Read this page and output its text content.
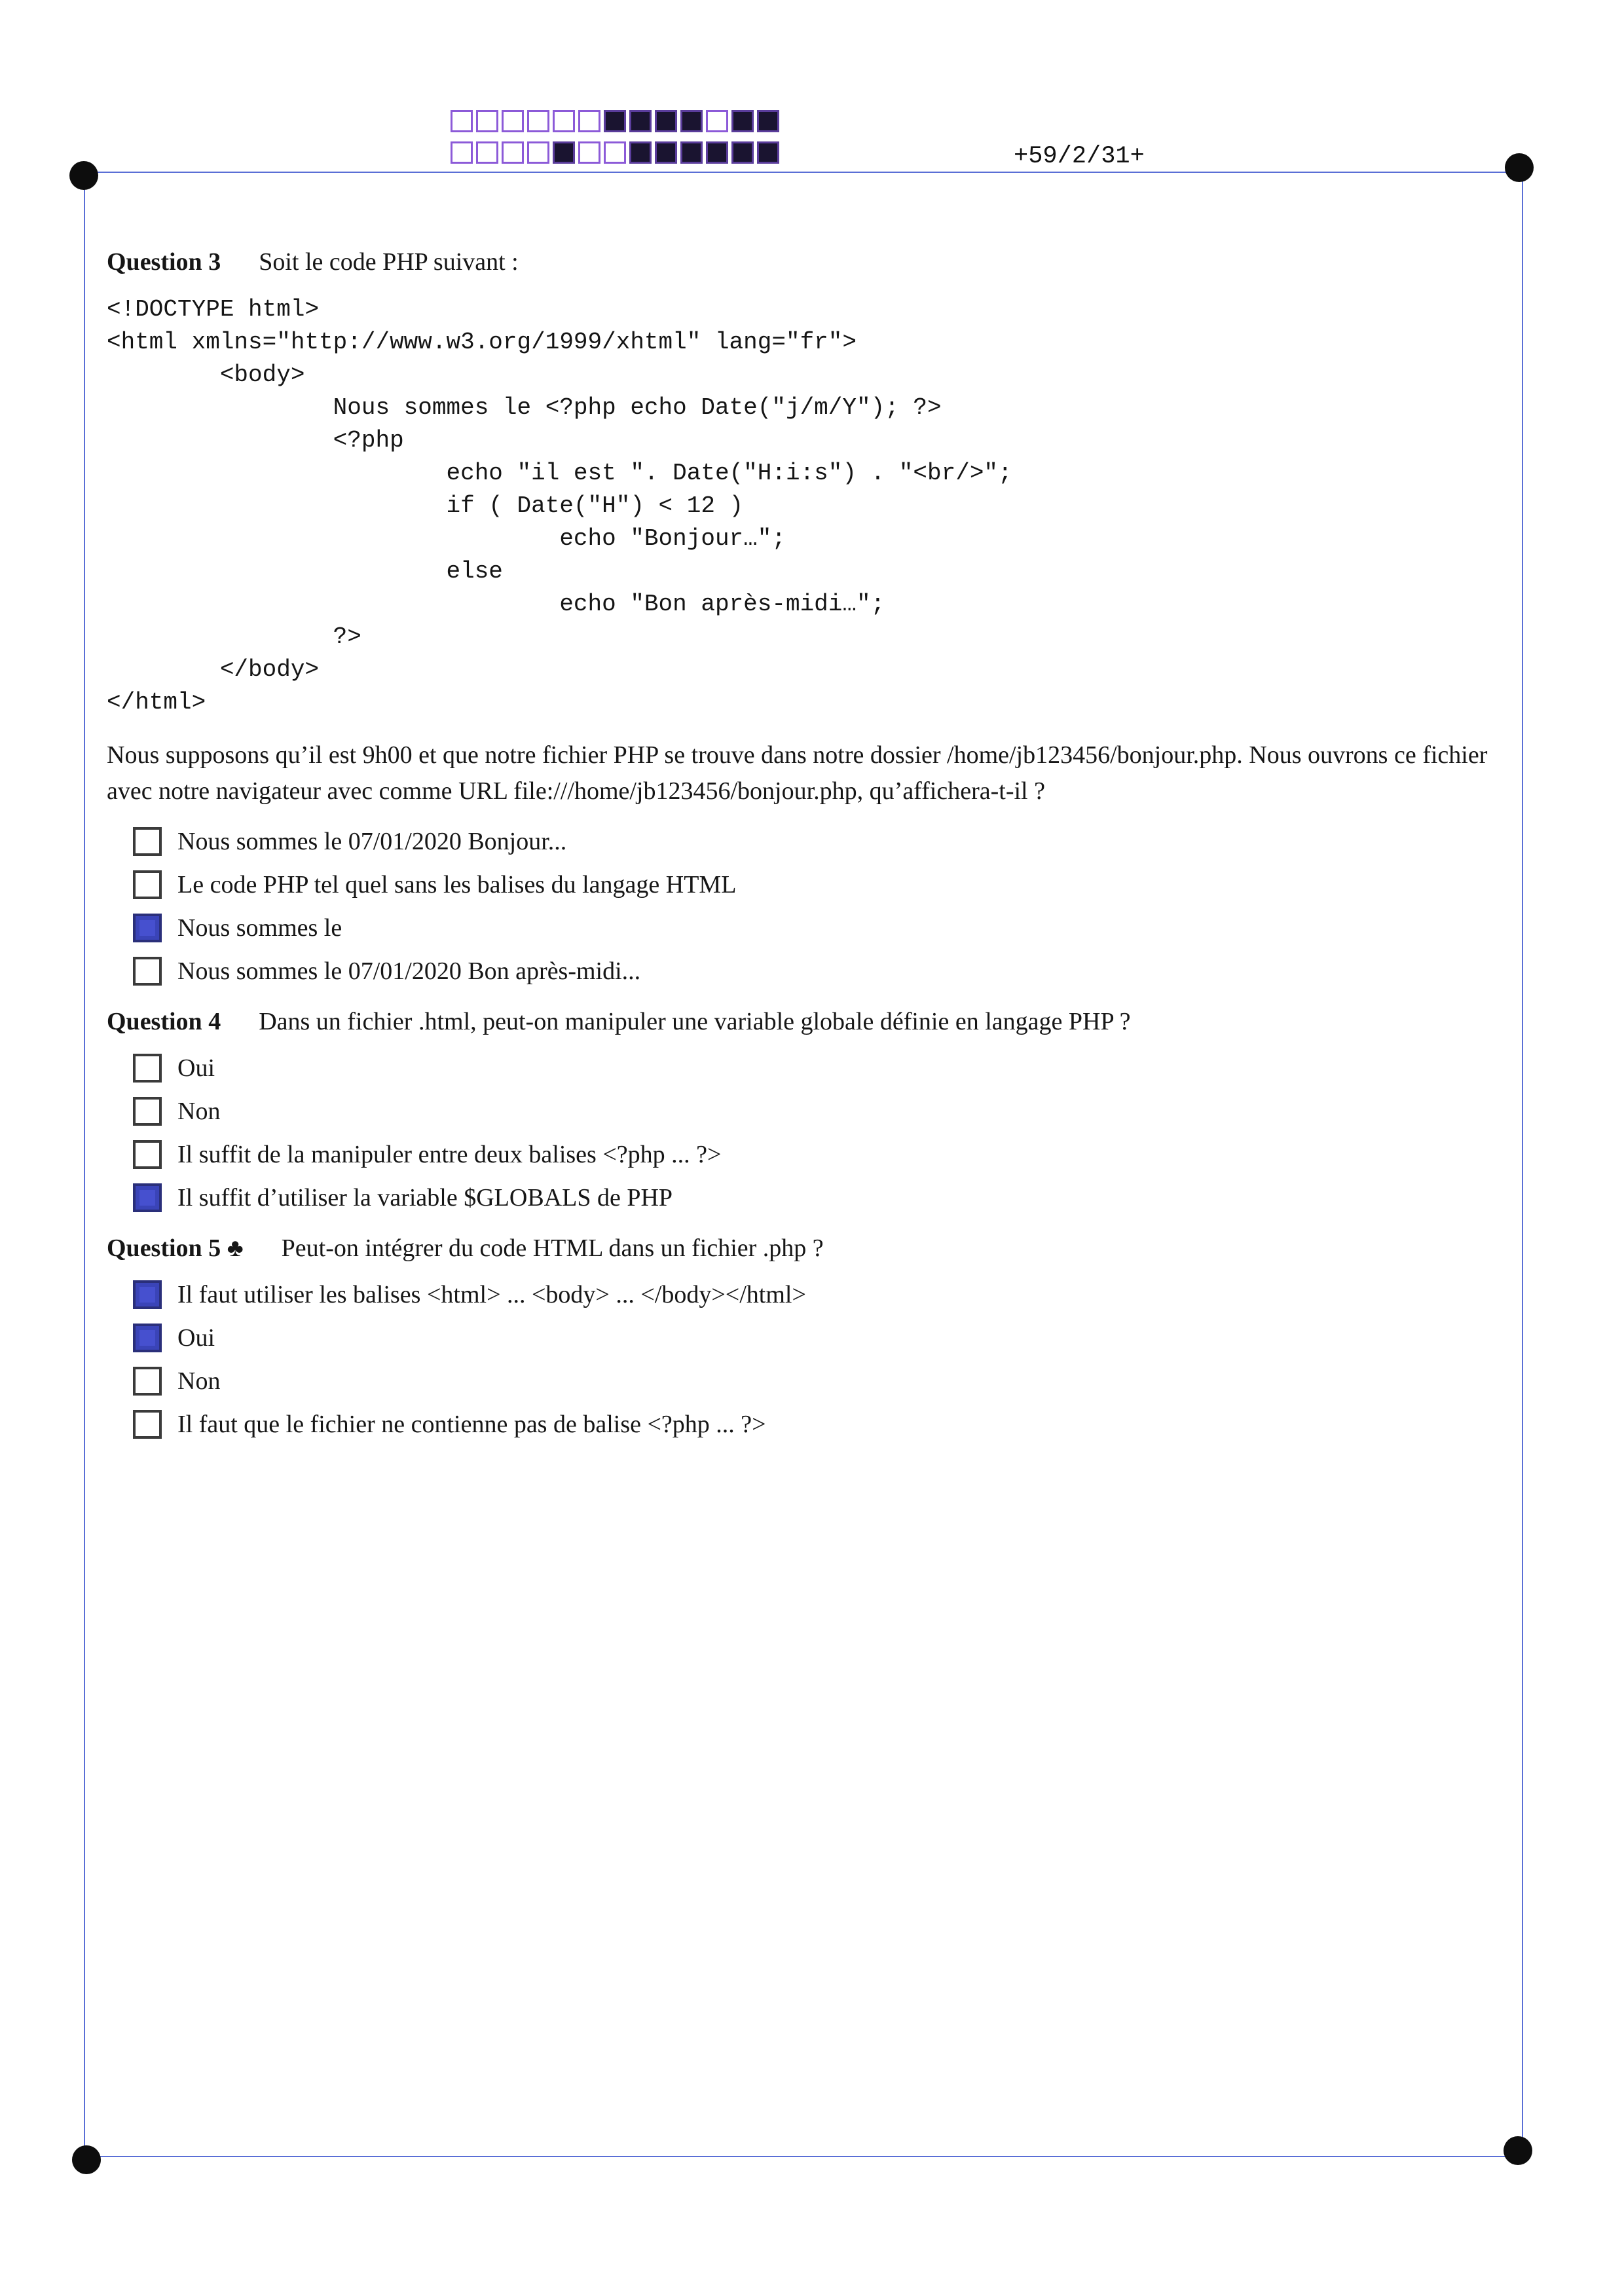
+59/2/31+

Question 3 Soit le code PHP suivant :

<!DOCTYPE html>
<html xmlns="http://www.w3.org/1999/xhtml" lang="fr">
<body>
Nous sommes le <?php echo Date("j/m/Y"); ?>
<?php
echo "il est ". Date("H:i:s") . "<br/>";
if ( Date("H") < 12 )
echo "Bonjour…";
else
echo "Bon après-midi…";
?>
</body>
</html>

Nous supposons qu’il est 9h00 et que notre fichier PHP se trouve dans notre dossier /home/jb123456/bonjour.php. Nous ouvrons ce fichier avec notre navigateur avec comme URL file:///home/jb123456/bonjour.php, qu’affichera-t-il ?

Nous sommes le 07/01/2020 Bonjour...
Le code PHP tel quel sans les balises du langage HTML
Nous sommes le
Nous sommes le 07/01/2020 Bon après-midi...

Question 4 Dans un fichier .html, peut-on manipuler une variable globale définie en langage PHP ?

Oui
Non
Il suffit de la manipuler entre deux balises <?php ... ?>
Il suffit d’utiliser la variable $GLOBALS de PHP

Question 5 ♣ Peut-on intégrer du code HTML dans un fichier .php ?

Il faut utiliser les balises <html> ... <body> ... </body></html>
Oui
Non
Il faut que le fichier ne contienne pas de balise <?php ... ?>
